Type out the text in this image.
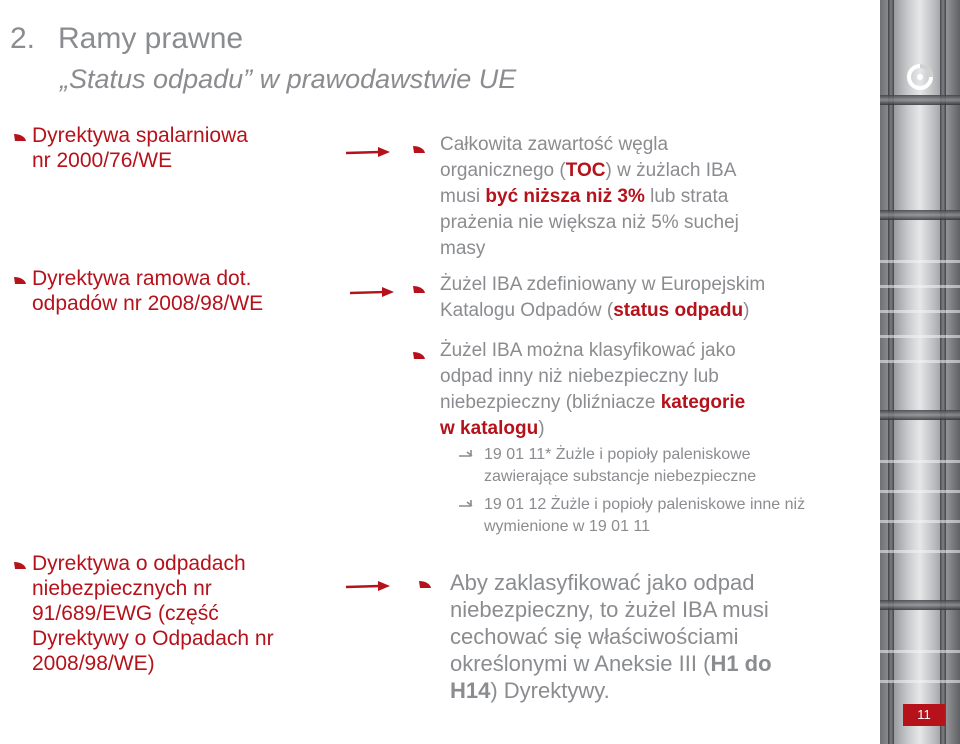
2. Ramy prawne
„Status odpadu” w prawodawstwie UE
Dyrektywa spalarniowa
nr 2000/76/WE
Dyrektywa ramowa dot.
odpadów nr 2008/98/WE
Dyrektywa o odpadach
niebezpiecznych nr
91/689/EWG (część
Dyrektywy o Odpadach nr
2008/98/WE)
Całkowita zawartość węgla
organicznego (TOC) w żużlach IBA
musi być niższa niż 3% lub strata
prażenia nie większa niż 5% suchej
masy
Żużel IBA zdefiniowany w Europejskim
Katalogu Odpadów (status odpadu)
Żużel IBA można klasyfikować jako
odpad inny niż niebezpieczny lub
niebezpieczny (bliźniacze kategorie
w katalogu)
19 01 11* Żużle i popioły paleniskowe
zawierające substancje niebezpieczne
19 01 12 Żużle i popioły paleniskowe inne niż
wymienione w 19 01 11
Aby zaklasyfikować jako odpad
niebezpieczny, to żużel IBA musi
cechować się właściwościami
określonymi w Aneksie III (H1 do
H14) Dyrektywy.
11
